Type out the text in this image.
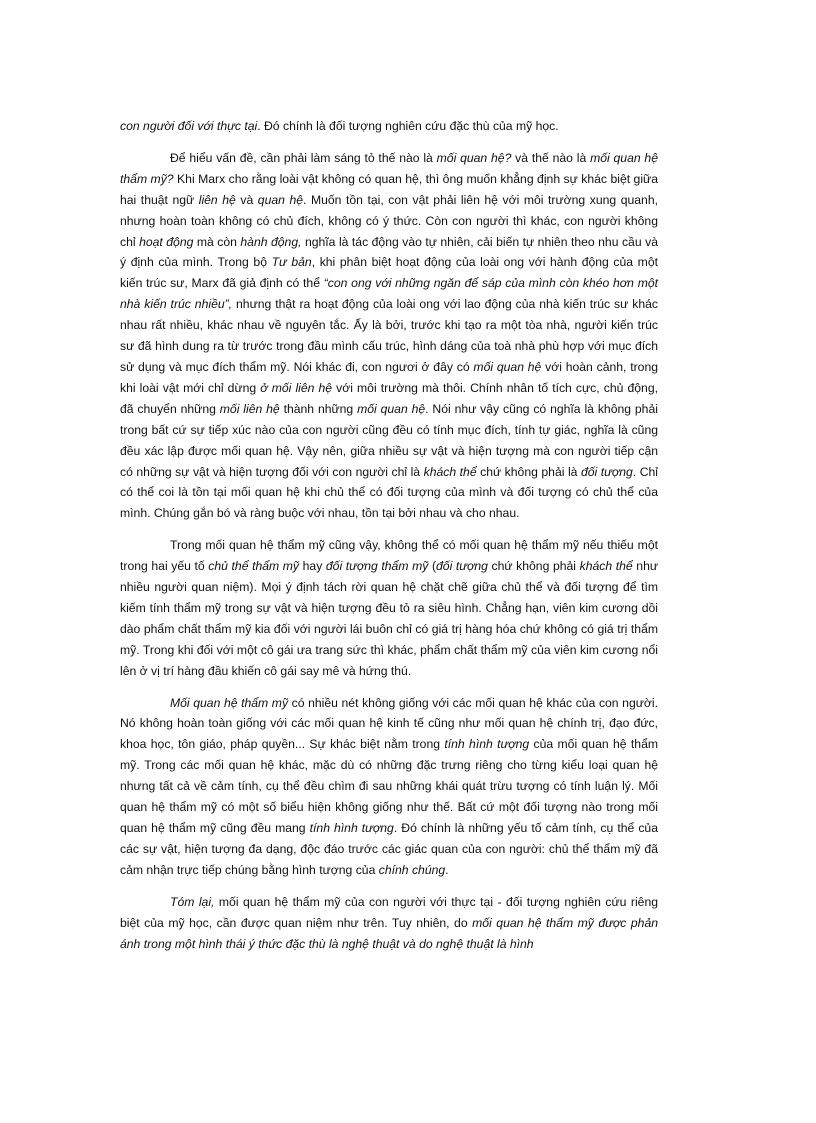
con người đối với thực tại. Đó chính là đối tượng nghiên cứu đặc thù của mỹ học.

Để hiểu vấn đề, cần phải làm sáng tỏ thế nào là mối quan hệ? và thế nào là mối quan hệ thẩm mỹ? Khi Marx cho rằng loài vật không có quan hệ, thì ông muốn khẳng định sự khác biệt giữa hai thuật ngữ liên hệ và quan hệ. Muốn tồn tại, con vật phải liên hệ với môi trường xung quanh, nhưng hoàn toàn không có chủ đích, không có ý thức. Còn con người thì khác, con người không chỉ hoạt động mà còn hành động, nghĩa là tác động vào tự nhiên, cải biến tự nhiên theo nhu cầu và ý định của mình. Trong bộ Tư bản, khi phân biệt hoạt động của loài ong với hành động của một kiến trúc sư, Marx đã giả định có thể “con ong với những ngăn để sáp của mình còn khéo hơn một nhà kiến trúc nhiều”, nhưng thật ra hoạt động của loài ong với lao động của nhà kiến trúc sư khác nhau rất nhiều, khác nhau về nguyên tắc. Ấy là bởi, trước khi tạo ra một tòa nhà, người kiến trúc sư đã hình dung ra từ trước trong đầu mình cấu trúc, hình dáng của toà nhà phù hợp với mục đích sử dụng và mục đích thẩm mỹ. Nói khác đi, con ngươi ở đây có mối quan hệ với hoàn cảnh, trong khi loài vật mới chỉ dừng ở mối liên hệ với môi trường mà thôi. Chính nhân tố tích cực, chủ động, đã chuyển những mối liên hệ thành những mối quan hệ. Nói như vậy cũng có nghĩa là không phải trong bất cứ sự tiếp xúc nào của con người cũng đều có tính mục đích, tính tự giác, nghĩa là cũng đều xác lập được mối quan hệ. Vậy nên, giữa nhiều sự vật và hiện tượng mà con người tiếp cận có những sự vật và hiện tượng đối với con người chỉ là khách thể chứ không phải là đối tượng. Chỉ có thể coi là tồn tại mối quan hệ khi chủ thể có đối tượng của mình và đối tượng có chủ thể của mình. Chúng gắn bó và ràng buộc với nhau, tồn tại bởi nhau và cho nhau.

Trong mối quan hệ thẩm mỹ cũng vậy, không thể có mối quan hệ thẩm mỹ nếu thiếu một trong hai yếu tố chủ thể thẩm mỹ hay đối tượng thẩm mỹ (đối tượng chứ không phải khách thể như nhiều người quan niệm). Mọi ý định tách rời quan hệ chặt chẽ giữa chủ thể và đối tượng để tìm kiếm tính thẩm mỹ trong sự vật và hiện tượng đều tỏ ra siêu hình. Chẳng hạn, viên kim cương dồi dào phẩm chất thẩm mỹ kia đối với người lái buôn chỉ có giá trị hàng hóa chứ không có giá trị thẩm mỹ. Trong khi đối với một cô gái ưa trang sức thì khác, phẩm chất thẩm mỹ của viên kim cương nổi lên ở vị trí hàng đầu khiến cô gái say mê và hứng thú.

Mối quan hệ thẩm mỹ có nhiều nét không giống với các mối quan hệ khác của con người. Nó không hoàn toàn giống với các mối quan hệ kinh tế cũng như mối quan hệ chính trị, đạo đức, khoa học, tôn giáo, pháp quyền... Sự khác biệt nằm trong tính hình tượng của mối quan hệ thẩm mỹ. Trong các mối quan hệ khác, mặc dù có những đặc trưng riêng cho từng kiểu loại quan hệ nhưng tất cả về cảm tính, cụ thể đều chìm đi sau những khái quát trừu tượng có tính luận lý. Mối quan hệ thẩm mỹ có một số biểu hiện không giống như thế. Bất cứ một đối tượng nào trong mối quan hệ thẩm mỹ cũng đều mang tính hình tượng. Đó chính là những yếu tố cảm tính, cụ thể của các sự vật, hiện tượng đa dạng, độc đáo trước các giác quan của con người: chủ thể thẩm mỹ đã cảm nhận trực tiếp chúng bằng hình tượng của chính chúng.

Tóm lại, mối quan hệ thẩm mỹ của con người với thực tại - đối tượng nghiên cứu riêng biệt của mỹ học, cần được quan niệm như trên. Tuy nhiên, do mối quan hệ thẩm mỹ được phản ánh trong một hình thái ý thức đặc thù là nghệ thuật và do nghệ thuật là hình
